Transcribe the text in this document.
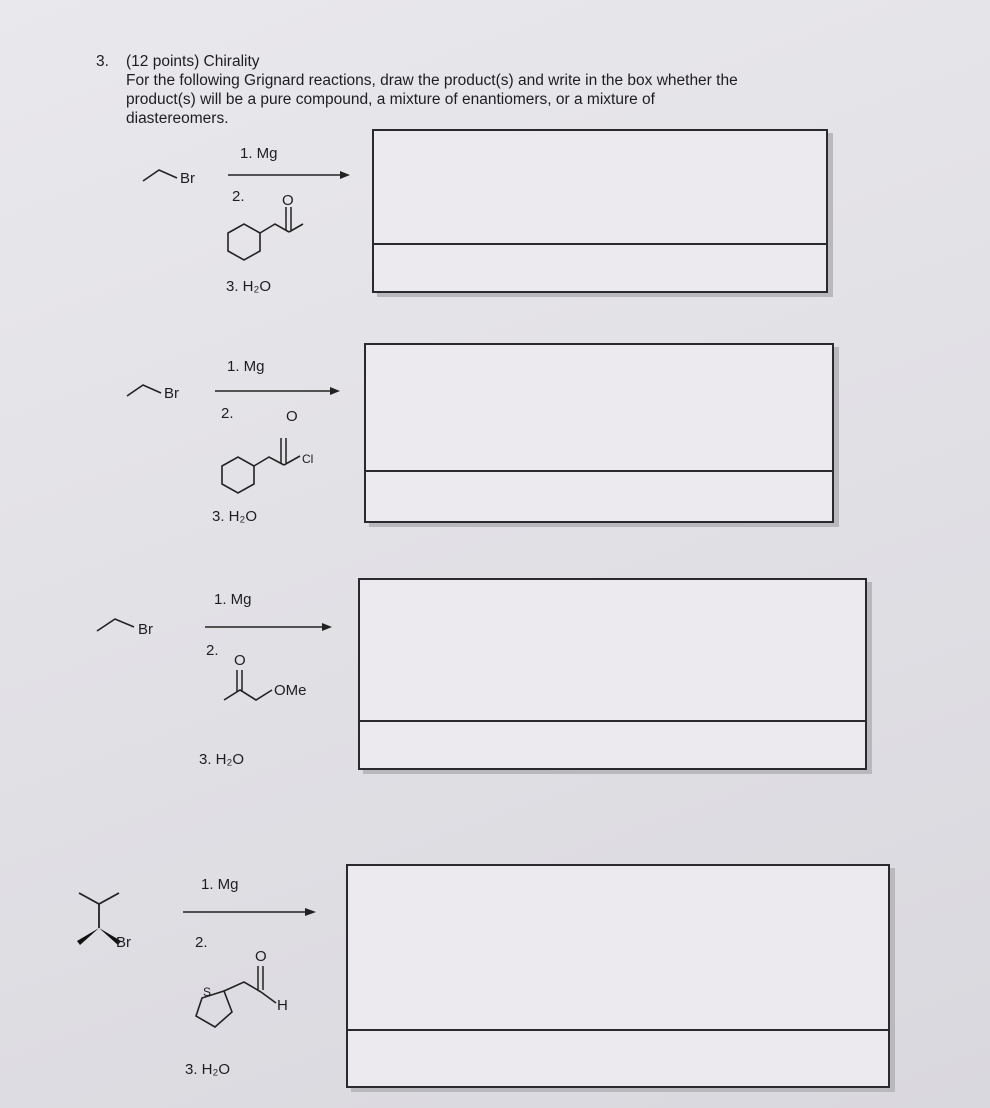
3. (12 points) Chirality
For the following Grignard reactions, draw the product(s) and write in the box whether the
product(s) will be a pure compound, a mixture of enantiomers, or a mixture of
diastereomers.
Br
1. Mg
2. O
3. H₂O
Br
1. Mg
2.	O
Cl
3. H₂O
Br
1. Mg
2.
O
OMe
3. H₂O
Br
1. Mg
2.
O
H
S
3. H₂O
